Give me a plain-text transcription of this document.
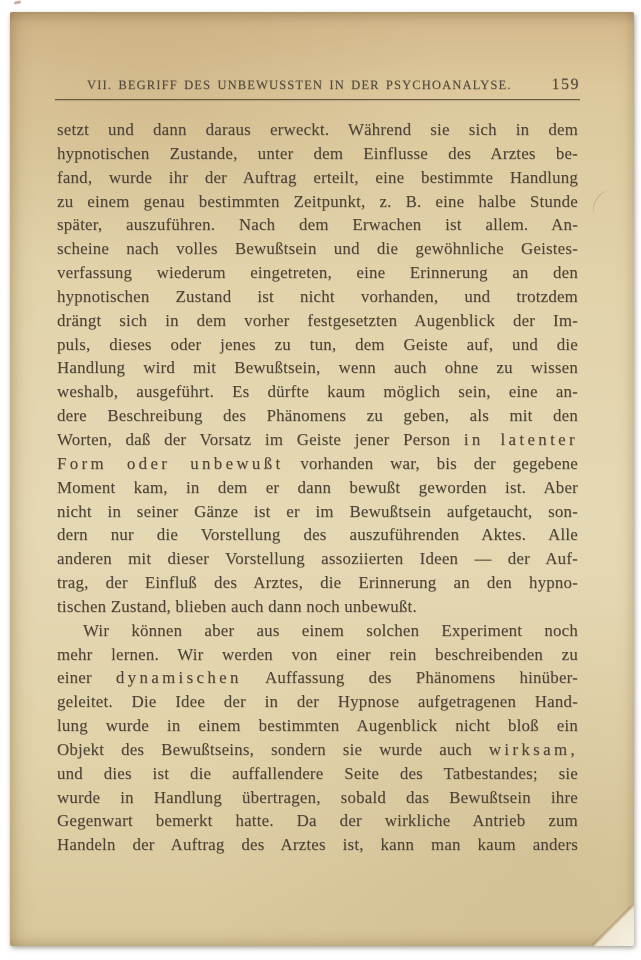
VII. BEGRIFF DES UNBEWUSSTEN IN DER PSYCHOANALYSE.	159
setzt und dann daraus erweckt. Während sie sich in dem
hypnotischen Zustande, unter dem Einflusse des Arztes be-
fand, wurde ihr der Auftrag erteilt, eine bestimmte Handlung
zu einem genau bestimmten Zeitpunkt, z. B. eine halbe Stunde
später, auszuführen. Nach dem Erwachen ist allem. An-
scheine nach volles Bewußtsein und die gewöhnliche Geistes-
verfassung wiederum eingetreten, eine Erinnerung an den
hypnotischen Zustand ist nicht vorhanden, und trotzdem
drängt sich in dem vorher festgesetzten Augenblick der Im-
puls, dieses oder jenes zu tun, dem Geiste auf, und die
Handlung wird mit Bewußtsein, wenn auch ohne zu wissen
weshalb, ausgeführt. Es dürfte kaum möglich sein, eine an-
dere Beschreibung des Phänomens zu geben, als mit den
Worten, daß der Vorsatz im Geiste jener Person in latenter
Form oder unbewußt vorhanden war, bis der gegebene
Moment kam, in dem er dann bewußt geworden ist. Aber
nicht in seiner Gänze ist er im Bewußtsein aufgetaucht, son-
dern nur die Vorstellung des auszuführenden Aktes. Alle
anderen mit dieser Vorstellung assoziierten Ideen — der Auf-
trag, der Einfluß des Arztes, die Erinnerung an den hypno-
tischen Zustand, blieben auch dann noch unbewußt.
Wir können aber aus einem solchen Experiment noch
mehr lernen. Wir werden von einer rein beschreibenden zu
einer dynamischen Auffassung des Phänomens hinüber-
geleitet. Die Idee der in der Hypnose aufgetragenen Hand-
lung wurde in einem bestimmten Augenblick nicht bloß ein
Objekt des Bewußtseins, sondern sie wurde auch wirksam,
und dies ist die auffallendere Seite des Tatbestandes; sie
wurde in Handlung übertragen, sobald das Bewußtsein ihre
Gegenwart bemerkt hatte. Da der wirkliche Antrieb zum
Handeln der Auftrag des Arztes ist, kann man kaum anders
